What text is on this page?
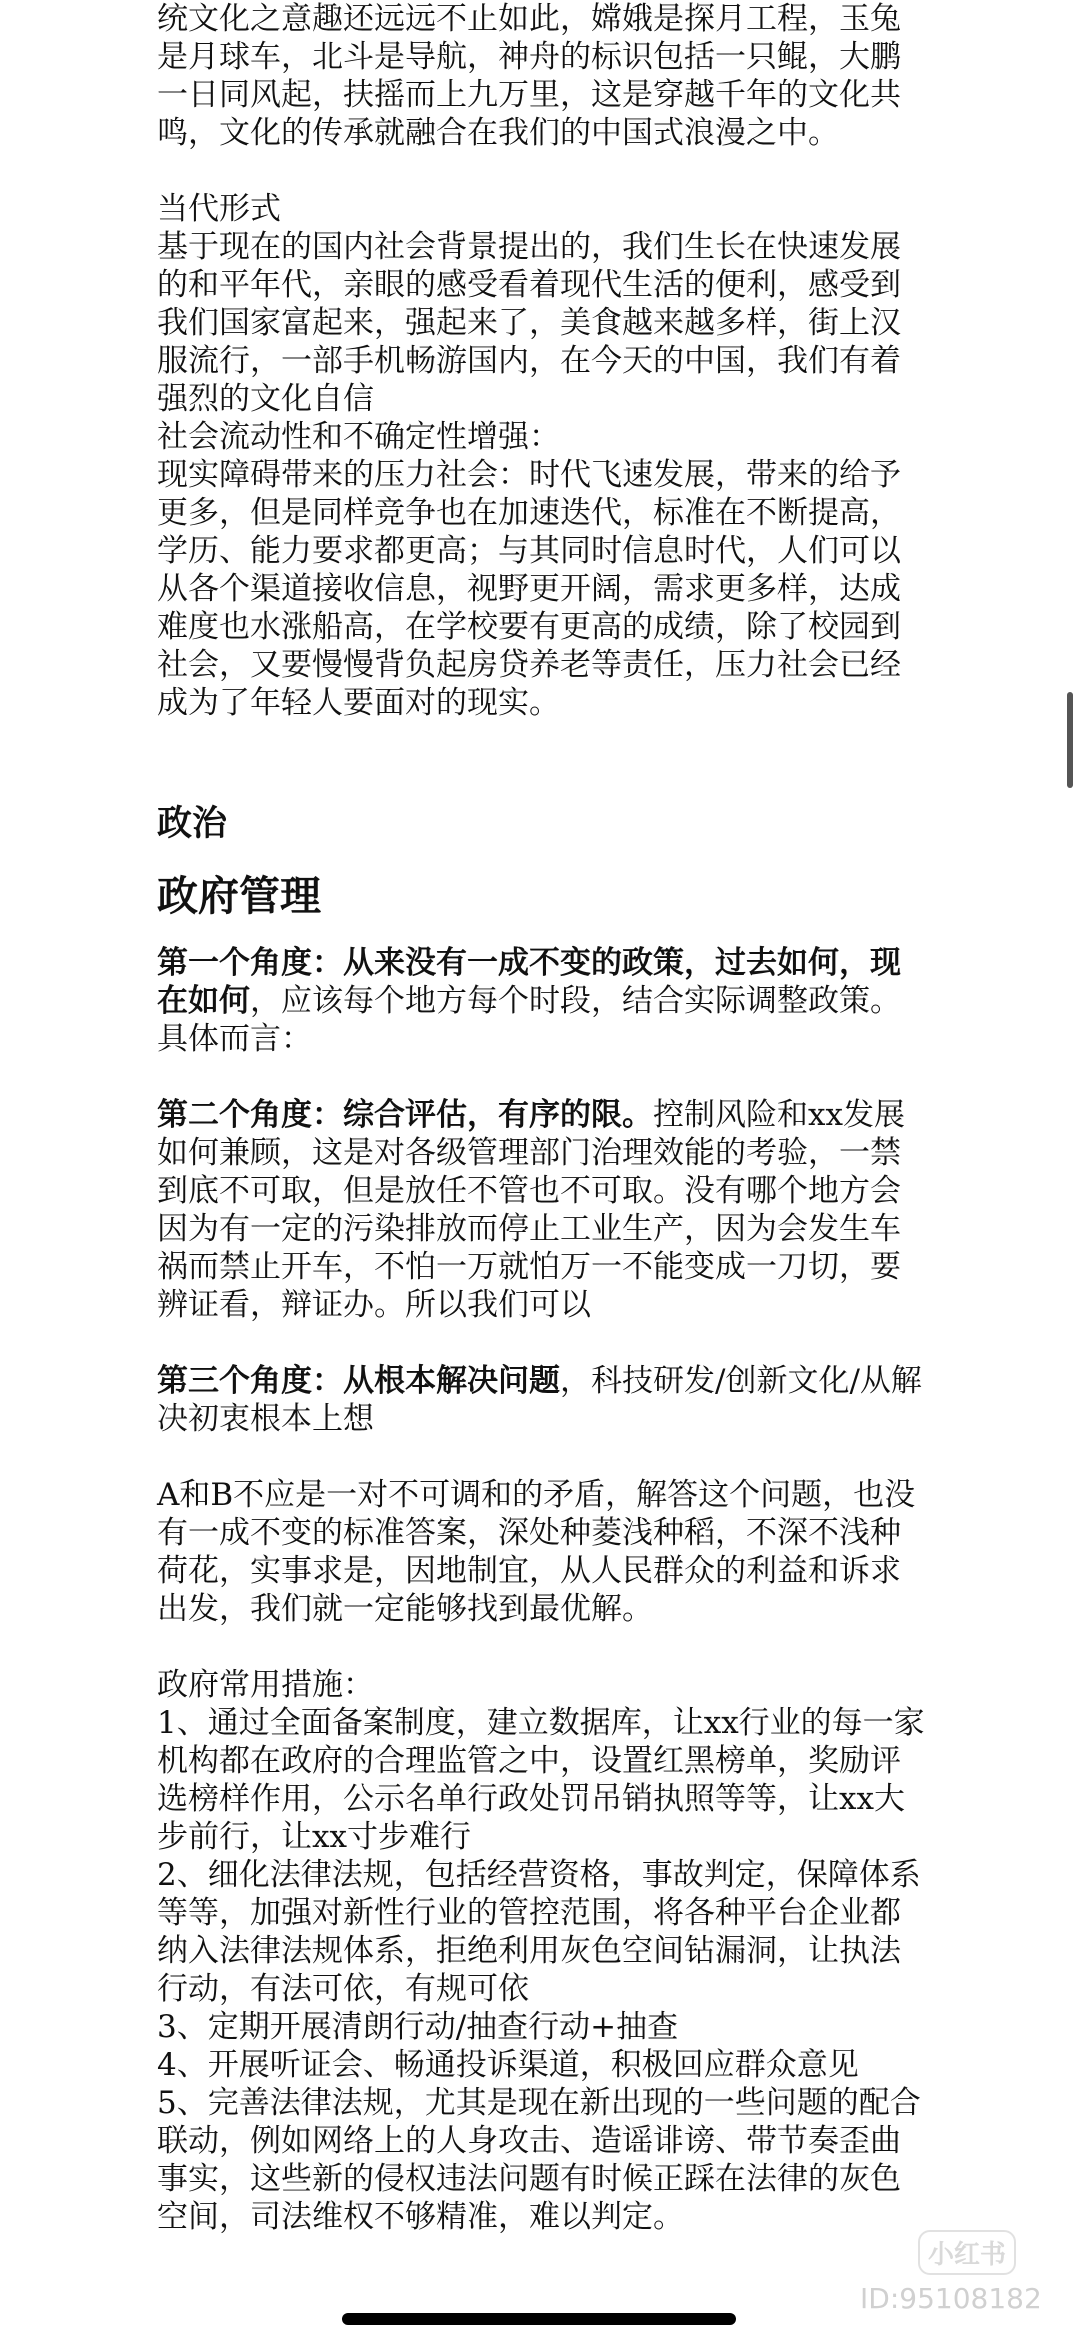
统文化之意趣还远远不止如此，嫦娥是探月工程，玉兔是月球车，北斗是导航，神舟的标识包括一只鲲，大鹏一日同风起，扶摇而上九万里，这是穿越千年的文化共鸣，文化的传承就融合在我们的中国式浪漫之中。

当代形式

基于现在的国内社会背景提出的，我们生长在快速发展的和平年代，亲眼的感受看着现代生活的便利，感受到我们国家富起来，强起来了，美食越来越多样，街上汉服流行，一部手机畅游国内，在今天的中国，我们有着强烈的文化自信

社会流动性和不确定性增强：

现实障碍带来的压力社会：时代飞速发展，带来的给予更多，但是同样竞争也在加速迭代，标准在不断提高，学历、能力要求都更高；与其同时信息时代，人们可以从各个渠道接收信息，视野更开阔，需求更多样，达成难度也水涨船高，在学校要有更高的成绩，除了校园到社会，又要慢慢背负起房贷养老等责任，压力社会已经成为了年轻人要面对的现实。

政治
政府管理

第一个角度：从来没有一成不变的政策，过去如何，现在如何，应该每个地方每个时段，结合实际调整政策。具体而言：

第二个角度：综合评估，有序的限。控制风险和xx发展如何兼顾，这是对各级管理部门治理效能的考验，一禁到底不可取，但是放任不管也不可取。没有哪个地方会因为有一定的污染排放而停止工业生产，因为会发生车祸而禁止开车，不怕一万就怕万一不能变成一刀切，要辨证看，辩证办。所以我们可以

第三个角度：从根本解决问题，科技研发/创新文化/从解决初衷根本上想

A和B不应是一对不可调和的矛盾，解答这个问题，也没有一成不变的标准答案，深处种菱浅种稻，不深不浅种荷花，实事求是，因地制宜，从人民群众的利益和诉求出发，我们就一定能够找到最优解。

政府常用措施：

1、通过全面备案制度，建立数据库，让xx行业的每一家机构都在政府的合理监管之中，设置红黑榜单，奖励评选榜样作用，公示名单行政处罚吊销执照等等，让xx大步前行，让xx寸步难行

2、细化法律法规，包括经营资格，事故判定，保障体系等等，加强对新性行业的管控范围，将各种平台企业都纳入法律法规体系，拒绝利用灰色空间钻漏洞，让执法行动，有法可依，有规可依

3、定期开展清朗行动/抽查行动+抽查

4、开展听证会、畅通投诉渠道，积极回应群众意见

5、完善法律法规，尤其是现在新出现的一些问题的配合联动，例如网络上的人身攻击、造谣诽谤、带节奏歪曲事实，这些新的侵权违法问题有时候正踩在法律的灰色空间，司法维权不够精准，难以判定。

小红书
ID:95108182
